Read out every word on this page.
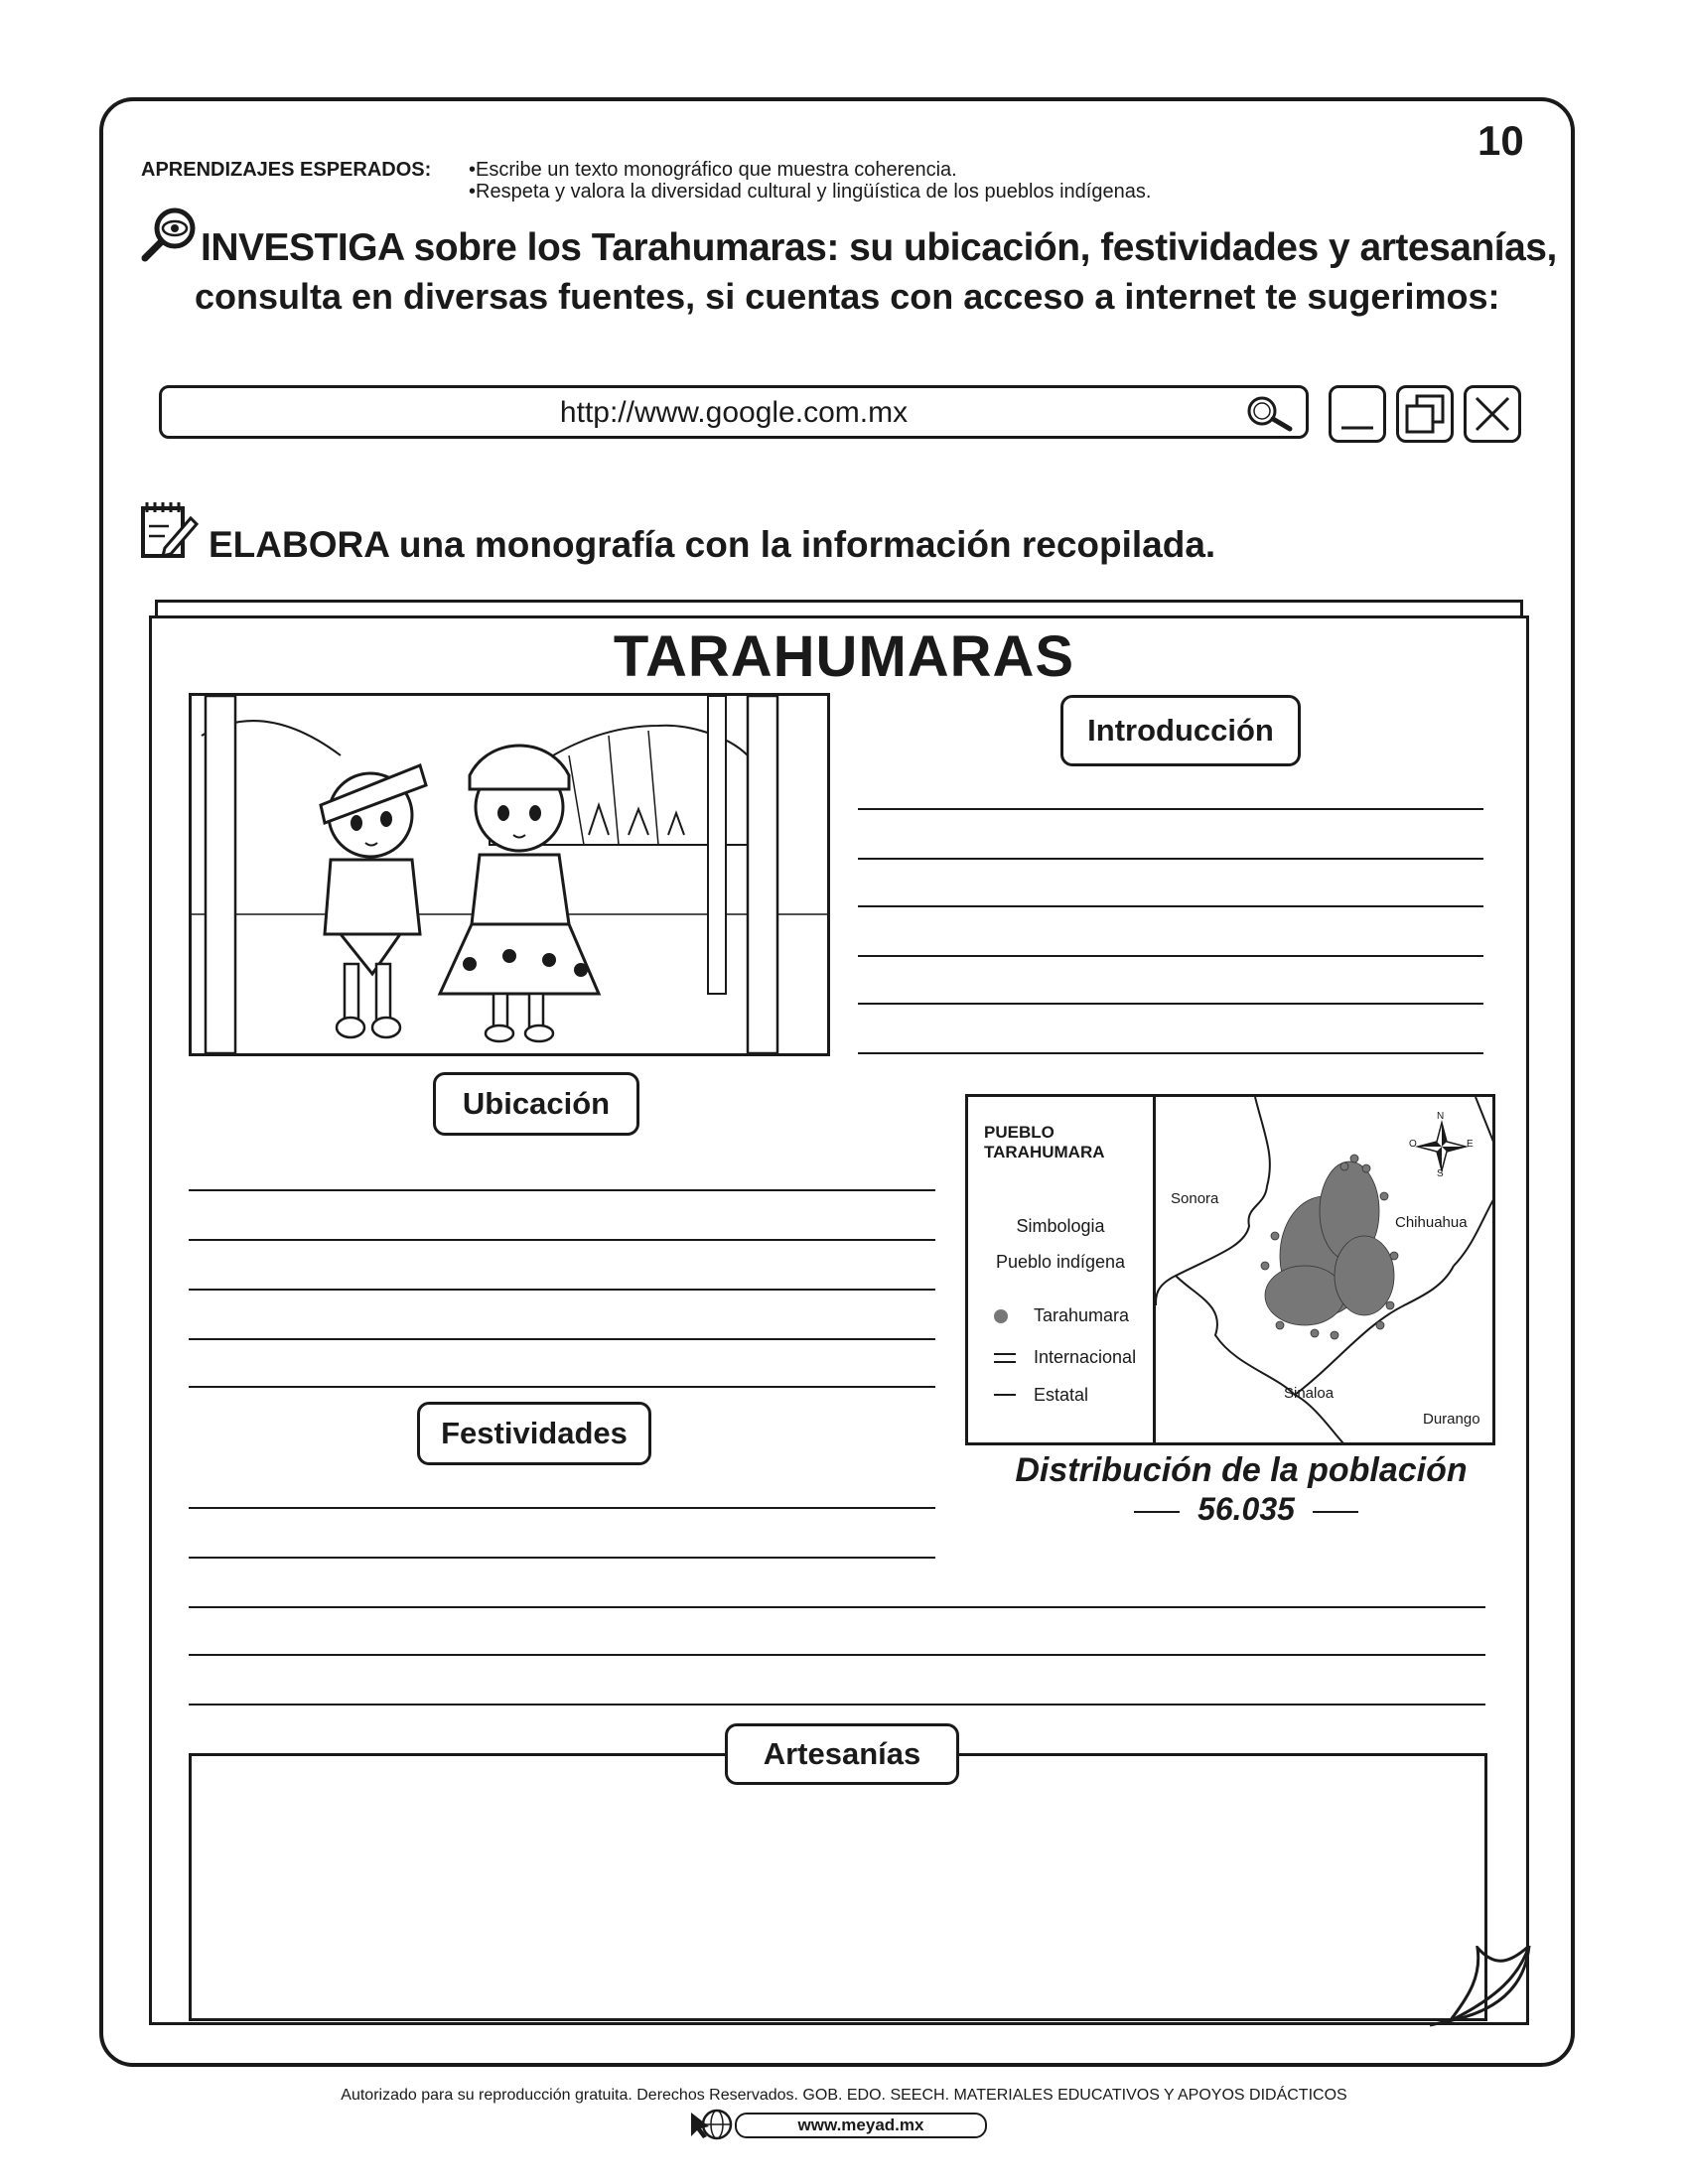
10
APRENDIZAJES ESPERADOS: •Escribe un texto monográfico que muestra coherencia.
•Respeta y valora la diversidad cultural y lingüística de los pueblos indígenas.
INVESTIGA sobre los Tarahumaras: su ubicación, festividades y artesanías,
consulta en diversas fuentes, si cuentas con acceso a internet te sugerimos:
http://www.google.com.mx
ELABORA una monografía con la información recopilada.
TARAHUMARAS
Introducción
Ubicación
Festividades
PUEBLO
TARAHUMARA
Simbologia
Pueblo indígena
Tarahumara
Internacional
Estatal
N
O	E
S
Sonora
Chihuahua
Sinaloa
Durango
Distribución de la población
56.035
Artesanías
Autorizado para su reproducción gratuita. Derechos Reservados. GOB. EDO. SEECH. MATERIALES EDUCATIVOS Y APOYOS DIDÁCTICOS
www.meyad.mx
